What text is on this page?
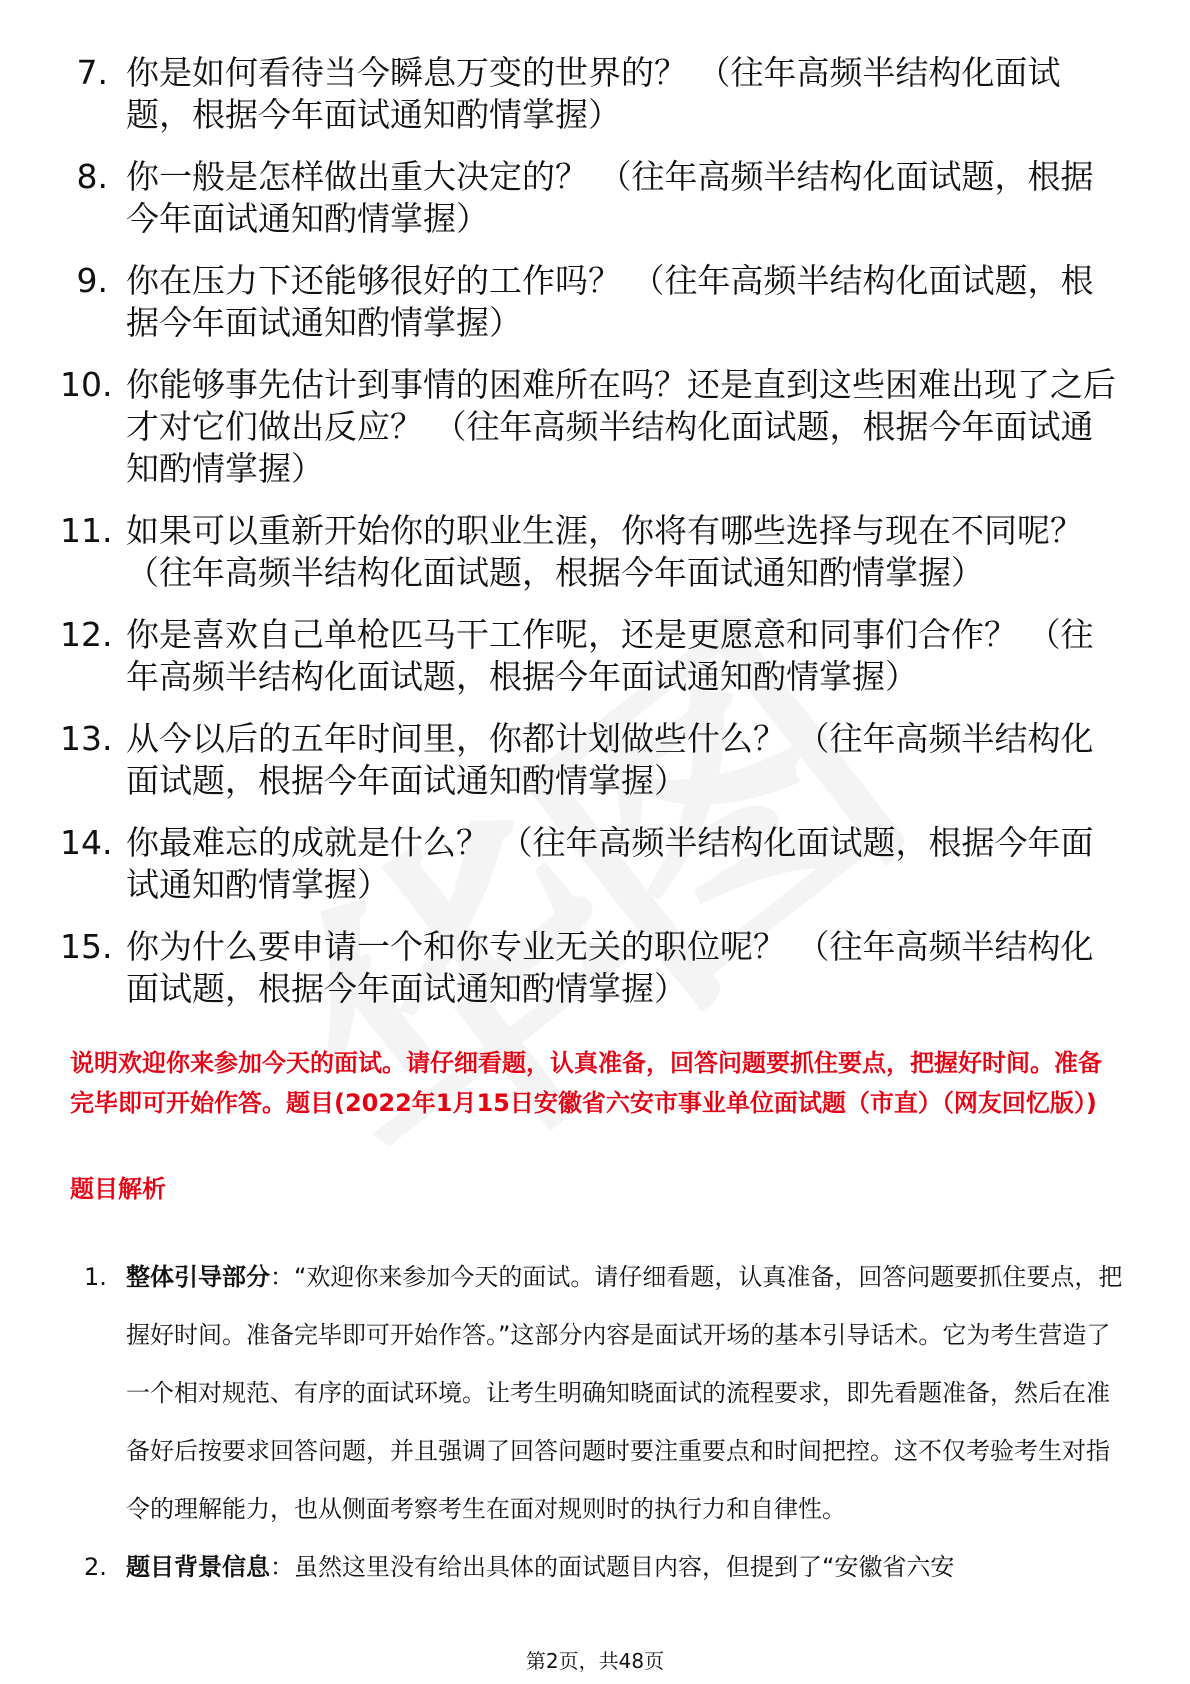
7. 你是如何看待当今瞬息万变的世界的？ （往年高频半结构化面试题，根据今年面试通知酌情掌握）
8. 你一般是怎样做出重大决定的？ （往年高频半结构化面试题，根据今年面试通知酌情掌握）
9. 你在压力下还能够很好的工作吗？ （往年高频半结构化面试题，根据今年面试通知酌情掌握）
10. 你能够事先估计到事情的困难所在吗？还是直到这些困难出现了之后才对它们做出反应？ （往年高频半结构化面试题，根据今年面试通知酌情掌握）
11. 如果可以重新开始你的职业生涯，你将有哪些选择与现在不同呢？ （往年高频半结构化面试题，根据今年面试通知酌情掌握）
12. 你是喜欢自己单枪匹马干工作呢，还是更愿意和同事们合作？ （往年高频半结构化面试题，根据今年面试通知酌情掌握）
13. 从今以后的五年时间里，你都计划做些什么？ （往年高频半结构化面试题，根据今年面试通知酌情掌握）
14. 你最难忘的成就是什么？ （往年高频半结构化面试题，根据今年面试通知酌情掌握）
15. 你为什么要申请一个和你专业无关的职位呢？ （往年高频半结构化面试题，根据今年面试通知酌情掌握）

说明欢迎你来参加今天的面试。请仔细看题，认真准备，回答问题要抓住要点，把握好时间。准备完毕即可开始作答。题目(2022年1月15日安徽省六安市事业单位面试题（市直）（网友回忆版）)

题目解析
1. 整体引导部分：“欢迎你来参加今天的面试。请仔细看题，认真准备，回答问题要抓住要点，把握好时间。准备完毕即可开始作答。”这部分内容是面试开场的基本引导话术。它为考生营造了一个相对规范、有序的面试环境。让考生明确知晓面试的流程要求，即先看题准备，然后在准备好后按要求回答问题，并且强调了回答问题时要注重要点和时间把控。这不仅考验考生对指令的理解能力，也从侧面考察考生在面对规则时的执行力和自律性。
2. 题目背景信息：虽然这里没有给出具体的面试题目内容，但提到了“安徽省六安
第2页，共48页
